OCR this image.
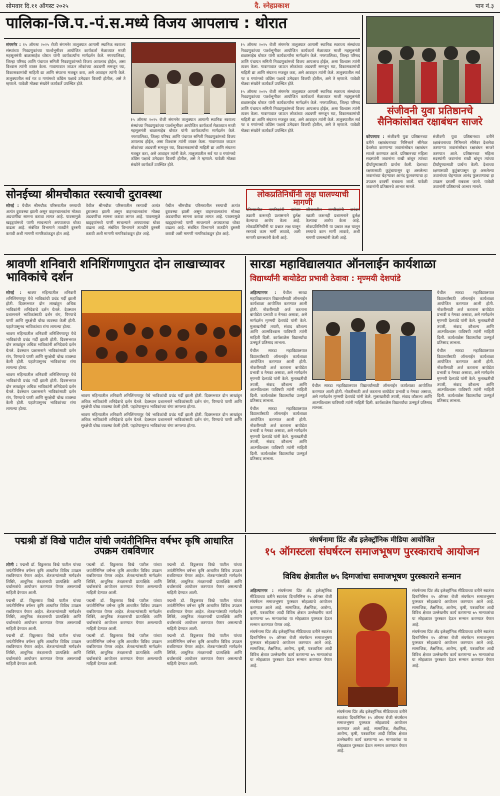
सोमवार दि.११ ऑगस्ट २०२५	दै. स्नेहप्रकाश	पान नं.३
पालिका-जि.प.-पं.स.मध्ये विजय आपलाच : थोरात

संगमनेर : १५ ऑगस्ट २०२५ रोजी संगमनेर तालुक्यात आगामी स्थानिक स्वराज्य संस्थांच्या निवडणुकांच्या पार्श्वभूमीवर आयोजित कार्यकर्ता मेळाव्यात माजी महसूलमंत्री बाळासाहेब थोरात यांनी कार्यकर्त्यांना मार्गदर्शन केले. नगरपालिका, जिल्हा परिषद आणि पंचायत समिती निवडणुकांमध्ये विजय आपलाच होईल, असा विश्वास त्यांनी व्यक्त केला. गावागावात जाऊन लोकांच्या अडचणी समजून घ्या, विकासकामांची माहिती द्या आणि संघटना मजबूत करा, असे आवाहन त्यांनी केले. तालुक्यातील सर्व गट व गणांमध्ये काँग्रेस पक्षाचे उमेदवार विजयी होतील, असे ते म्हणाले. यावेळी मोठ्या संख्येने कार्यकर्ते उपस्थित होते.

१५ ऑगस्ट २०२५ रोजी संगमनेर तालुक्यात आगामी स्थानिक स्वराज्य संस्थांच्या निवडणुकांच्या पार्श्वभूमीवर आयोजित कार्यकर्ता मेळाव्यात माजी महसूलमंत्री बाळासाहेब थोरात यांनी कार्यकर्त्यांना मार्गदर्शन केले. नगरपालिका, जिल्हा परिषद आणि पंचायत समिती निवडणुकांमध्ये विजय आपलाच होईल, असा विश्वास त्यांनी व्यक्त केला. गावागावात जाऊन लोकांच्या अडचणी समजून घ्या, विकासकामांची माहिती द्या आणि संघटना मजबूत करा, असे आवाहन त्यांनी केले. तालुक्यातील सर्व गट व गणांमध्ये काँग्रेस पक्षाचे उमेदवार विजयी होतील, असे ते म्हणाले. यावेळी मोठ्या संख्येने कार्यकर्ते उपस्थित होते.

१५ ऑगस्ट २०२५ रोजी संगमनेर तालुक्यात आगामी स्थानिक स्वराज्य संस्थांच्या निवडणुकांच्या पार्श्वभूमीवर आयोजित कार्यकर्ता मेळाव्यात माजी महसूलमंत्री बाळासाहेब थोरात यांनी कार्यकर्त्यांना मार्गदर्शन केले. नगरपालिका, जिल्हा परिषद आणि पंचायत समिती निवडणुकांमध्ये विजय आपलाच होईल, असा विश्वास त्यांनी व्यक्त केला. गावागावात जाऊन लोकांच्या अडचणी समजून घ्या, विकासकामांची माहिती द्या आणि संघटना मजबूत करा, असे आवाहन त्यांनी केले. तालुक्यातील सर्व गट व गणांमध्ये काँग्रेस पक्षाचे उमेदवार विजयी होतील, असे ते म्हणाले. यावेळी मोठ्या संख्येने कार्यकर्ते उपस्थित होते.

१५ ऑगस्ट २०२५ रोजी संगमनेर तालुक्यात आगामी स्थानिक स्वराज्य संस्थांच्या निवडणुकांच्या पार्श्वभूमीवर आयोजित कार्यकर्ता मेळाव्यात माजी महसूलमंत्री बाळासाहेब थोरात यांनी कार्यकर्त्यांना मार्गदर्शन केले. नगरपालिका, जिल्हा परिषद आणि पंचायत समिती निवडणुकांमध्ये विजय आपलाच होईल, असा विश्वास त्यांनी व्यक्त केला. गावागावात जाऊन लोकांच्या अडचणी समजून घ्या, विकासकामांची माहिती द्या आणि संघटना मजबूत करा, असे आवाहन त्यांनी केले. तालुक्यातील सर्व गट व गणांमध्ये काँग्रेस पक्षाचे उमेदवार विजयी होतील, असे ते म्हणाले. यावेळी मोठ्या संख्येने कार्यकर्ते उपस्थित होते.

संजीवनी युवा प्रतिष्ठानचे सैनिकांसोबत रक्षाबंधन साजरे

कोपरगाव : संजीवनी युवा प्रतिष्ठानच्या वतीने रक्षाबंधनाच्या निमित्ताने सीमेवर देशसेवा करणाऱ्या जवानांसोबत रक्षाबंधन साजरे करण्यात आले. प्रतिष्ठानच्या महिला सदस्यांनी जवानांना राखी बांधून त्यांच्या दीर्घायुष्यासाठी प्रार्थना केली. देशाच्या रक्षणासाठी कुटुंबापासून दूर असलेल्या जवानांच्या चेहऱ्यावर आनंद फुलवण्याचा हा उपक्रम दरवर्षी राबवला जातो. यावेळी जवानांनी प्रतिष्ठानचे आभार मानले.

संजीवनी युवा प्रतिष्ठानच्या वतीने रक्षाबंधनाच्या निमित्ताने सीमेवर देशसेवा करणाऱ्या जवानांसोबत रक्षाबंधन साजरे करण्यात आले. प्रतिष्ठानच्या महिला सदस्यांनी जवानांना राखी बांधून त्यांच्या दीर्घायुष्यासाठी प्रार्थना केली. देशाच्या रक्षणासाठी कुटुंबापासून दूर असलेल्या जवानांच्या चेहऱ्यावर आनंद फुलवण्याचा हा उपक्रम दरवर्षी राबवला जातो. यावेळी जवानांनी प्रतिष्ठानचे आभार मानले.

सोनईच्या श्रीमचौकात रस्त्याची दुरावस्था

सोनई : येथील श्रीमचौक परिसरातील रस्त्याची अत्यंत दुरावस्था झाली असून वाहनचालकांना मोठ्या अडचणींचा सामना करावा लागत आहे. पावसामुळे खड्ड्यांमध्ये पाणी साचल्याने अपघाताचा धोका वाढला आहे. संबंधित विभागाने तातडीने दुरुस्ती करावी अशी मागणी नागरिकांकडून होत आहे.

येथील श्रीमचौक परिसरातील रस्त्याची अत्यंत दुरावस्था झाली असून वाहनचालकांना मोठ्या अडचणींचा सामना करावा लागत आहे. पावसामुळे खड्ड्यांमध्ये पाणी साचल्याने अपघाताचा धोका वाढला आहे. संबंधित विभागाने तातडीने दुरुस्ती करावी अशी मागणी नागरिकांकडून होत आहे.

येथील श्रीमचौक परिसरातील रस्त्याची अत्यंत दुरावस्था झाली असून वाहनचालकांना मोठ्या अडचणींचा सामना करावा लागत आहे. पावसामुळे खड्ड्यांमध्ये पाणी साचल्याने अपघाताचा धोका वाढला आहे. संबंधित विभागाने तातडीने दुरुस्ती करावी अशी मागणी नागरिकांकडून होत आहे.

लोकप्रतिनिधींनी लक्ष घालण्याची मागणी

परिसरातील नागरिकांनी वारंवार तक्रारी करूनही प्रशासनाने दुर्लक्ष केल्याचा आरोप केला आहे. लोकप्रतिनिधींनी या प्रश्नात लक्ष घालून रस्त्याचे काम मार्गी लावावे, अशी मागणी ग्रामस्थांनी केली आहे.

परिसरातील नागरिकांनी वारंवार तक्रारी करूनही प्रशासनाने दुर्लक्ष केल्याचा आरोप केला आहे. लोकप्रतिनिधींनी या प्रश्नात लक्ष घालून रस्त्याचे काम मार्गी लावावे, अशी मागणी ग्रामस्थांनी केली आहे.

श्रावणी शनिवारी शनिशिंगणापुरात दोन लाखाच्यावर भाविकांचे दर्शन

सोनई : श्रावण महिन्यातील शनिवारी शनिशिंगणापूर येथे भाविकांची प्रचंड गर्दी झाली होती. दिवसभरात दोन लाखांहून अधिक भाविकांनी शनिदेवाचे दर्शन घेतले. देवस्थान प्रशासनाने भाविकांसाठी दर्शन रांग, पिण्याचे पाणी आणि सुरक्षेची चोख व्यवस्था केली होती. पहाटेपासूनच भाविकांच्या रांगा लागल्या होत्या.

श्रावण महिन्यातील शनिवारी शनिशिंगणापूर येथे भाविकांची प्रचंड गर्दी झाली होती. दिवसभरात दोन लाखांहून अधिक भाविकांनी शनिदेवाचे दर्शन घेतले. देवस्थान प्रशासनाने भाविकांसाठी दर्शन रांग, पिण्याचे पाणी आणि सुरक्षेची चोख व्यवस्था केली होती. पहाटेपासूनच भाविकांच्या रांगा लागल्या होत्या.

श्रावण महिन्यातील शनिवारी शनिशिंगणापूर येथे भाविकांची प्रचंड गर्दी झाली होती. दिवसभरात दोन लाखांहून अधिक भाविकांनी शनिदेवाचे दर्शन घेतले. देवस्थान प्रशासनाने भाविकांसाठी दर्शन रांग, पिण्याचे पाणी आणि सुरक्षेची चोख व्यवस्था केली होती. पहाटेपासूनच भाविकांच्या रांगा लागल्या होत्या.

श्रावण महिन्यातील शनिवारी शनिशिंगणापूर येथे भाविकांची प्रचंड गर्दी झाली होती. दिवसभरात दोन लाखांहून अधिक भाविकांनी शनिदेवाचे दर्शन घेतले. देवस्थान प्रशासनाने भाविकांसाठी दर्शन रांग, पिण्याचे पाणी आणि सुरक्षेची चोख व्यवस्था केली होती. पहाटेपासूनच भाविकांच्या रांगा लागल्या होत्या.

श्रावण महिन्यातील शनिवारी शनिशिंगणापूर येथे भाविकांची प्रचंड गर्दी झाली होती. दिवसभरात दोन लाखांहून अधिक भाविकांनी शनिदेवाचे दर्शन घेतले. देवस्थान प्रशासनाने भाविकांसाठी दर्शन रांग, पिण्याचे पाणी आणि सुरक्षेची चोख व्यवस्था केली होती. पहाटेपासूनच भाविकांच्या रांगा लागल्या होत्या.

सारडा महाविद्यालयात ऑनलाईन कार्यशाळा
विद्यार्थ्यांनी बायोडेटा प्रभावी ठेवावा : मृण्मयी देशपांडे

अहिल्यानगर : येथील सारडा महाविद्यालयात विद्यार्थ्यांसाठी ऑनलाईन कार्यशाळा आयोजित करण्यात आली होती. नोकरीसाठी अर्ज करताना बायोडेटा प्रभावी व नेमका असावा, असे मार्गदर्शन मृण्मयी देशपांडे यांनी केले. मुलाखतीची तयारी, संवाद कौशल्य आणि आत्मविश्वास याविषयी त्यांनी माहिती दिली. कार्यशाळेस विद्यार्थ्यांचा उत्स्फूर्त प्रतिसाद लाभला.

येथील सारडा महाविद्यालयात विद्यार्थ्यांसाठी ऑनलाईन कार्यशाळा आयोजित करण्यात आली होती. नोकरीसाठी अर्ज करताना बायोडेटा प्रभावी व नेमका असावा, असे मार्गदर्शन मृण्मयी देशपांडे यांनी केले. मुलाखतीची तयारी, संवाद कौशल्य आणि आत्मविश्वास याविषयी त्यांनी माहिती दिली. कार्यशाळेस विद्यार्थ्यांचा उत्स्फूर्त प्रतिसाद लाभला.

येथील सारडा महाविद्यालयात विद्यार्थ्यांसाठी ऑनलाईन कार्यशाळा आयोजित करण्यात आली होती. नोकरीसाठी अर्ज करताना बायोडेटा प्रभावी व नेमका असावा, असे मार्गदर्शन मृण्मयी देशपांडे यांनी केले. मुलाखतीची तयारी, संवाद कौशल्य आणि आत्मविश्वास याविषयी त्यांनी माहिती दिली. कार्यशाळेस विद्यार्थ्यांचा उत्स्फूर्त प्रतिसाद लाभला.

येथील सारडा महाविद्यालयात विद्यार्थ्यांसाठी ऑनलाईन कार्यशाळा आयोजित करण्यात आली होती. नोकरीसाठी अर्ज करताना बायोडेटा प्रभावी व नेमका असावा, असे मार्गदर्शन मृण्मयी देशपांडे यांनी केले. मुलाखतीची तयारी, संवाद कौशल्य आणि आत्मविश्वास याविषयी त्यांनी माहिती दिली. कार्यशाळेस विद्यार्थ्यांचा उत्स्फूर्त प्रतिसाद लाभला.

येथील सारडा महाविद्यालयात विद्यार्थ्यांसाठी ऑनलाईन कार्यशाळा आयोजित करण्यात आली होती. नोकरीसाठी अर्ज करताना बायोडेटा प्रभावी व नेमका असावा, असे मार्गदर्शन मृण्मयी देशपांडे यांनी केले. मुलाखतीची तयारी, संवाद कौशल्य आणि आत्मविश्वास याविषयी त्यांनी माहिती दिली. कार्यशाळेस विद्यार्थ्यांचा उत्स्फूर्त प्रतिसाद लाभला.

येथील सारडा महाविद्यालयात विद्यार्थ्यांसाठी ऑनलाईन कार्यशाळा आयोजित करण्यात आली होती. नोकरीसाठी अर्ज करताना बायोडेटा प्रभावी व नेमका असावा, असे मार्गदर्शन मृण्मयी देशपांडे यांनी केले. मुलाखतीची तयारी, संवाद कौशल्य आणि आत्मविश्वास याविषयी त्यांनी माहिती दिली. कार्यशाळेस विद्यार्थ्यांचा उत्स्फूर्त प्रतिसाद लाभला.

पद्मश्री डॉ विखे पाटील यांची जयंतीनिमित्त वर्षभर कृषि आधारित उपक्रम राबविणार

लोणी : पद्मश्री डॉ. विठ्ठलराव विखे पाटील यांच्या जयंतीनिमित्त वर्षभर कृषि आधारित विविध उपक्रम राबविण्यात येणार आहेत. शेतकऱ्यांसाठी मार्गदर्शन शिबिरे, आधुनिक तंत्रज्ञानाची प्रात्यक्षिके आणि चर्चासत्रांचे आयोजन करण्यात येणार असल्याची माहिती देण्यात आली.

पद्मश्री डॉ. विठ्ठलराव विखे पाटील यांच्या जयंतीनिमित्त वर्षभर कृषि आधारित विविध उपक्रम राबविण्यात येणार आहेत. शेतकऱ्यांसाठी मार्गदर्शन शिबिरे, आधुनिक तंत्रज्ञानाची प्रात्यक्षिके आणि चर्चासत्रांचे आयोजन करण्यात येणार असल्याची माहिती देण्यात आली.

पद्मश्री डॉ. विठ्ठलराव विखे पाटील यांच्या जयंतीनिमित्त वर्षभर कृषि आधारित विविध उपक्रम राबविण्यात येणार आहेत. शेतकऱ्यांसाठी मार्गदर्शन शिबिरे, आधुनिक तंत्रज्ञानाची प्रात्यक्षिके आणि चर्चासत्रांचे आयोजन करण्यात येणार असल्याची माहिती देण्यात आली.

पद्मश्री डॉ. विठ्ठलराव विखे पाटील यांच्या जयंतीनिमित्त वर्षभर कृषि आधारित विविध उपक्रम राबविण्यात येणार आहेत. शेतकऱ्यांसाठी मार्गदर्शन शिबिरे, आधुनिक तंत्रज्ञानाची प्रात्यक्षिके आणि चर्चासत्रांचे आयोजन करण्यात येणार असल्याची माहिती देण्यात आली.

पद्मश्री डॉ. विठ्ठलराव विखे पाटील यांच्या जयंतीनिमित्त वर्षभर कृषि आधारित विविध उपक्रम राबविण्यात येणार आहेत. शेतकऱ्यांसाठी मार्गदर्शन शिबिरे, आधुनिक तंत्रज्ञानाची प्रात्यक्षिके आणि चर्चासत्रांचे आयोजन करण्यात येणार असल्याची माहिती देण्यात आली.

पद्मश्री डॉ. विठ्ठलराव विखे पाटील यांच्या जयंतीनिमित्त वर्षभर कृषि आधारित विविध उपक्रम राबविण्यात येणार आहेत. शेतकऱ्यांसाठी मार्गदर्शन शिबिरे, आधुनिक तंत्रज्ञानाची प्रात्यक्षिके आणि चर्चासत्रांचे आयोजन करण्यात येणार असल्याची माहिती देण्यात आली.

पद्मश्री डॉ. विठ्ठलराव विखे पाटील यांच्या जयंतीनिमित्त वर्षभर कृषि आधारित विविध उपक्रम राबविण्यात येणार आहेत. शेतकऱ्यांसाठी मार्गदर्शन शिबिरे, आधुनिक तंत्रज्ञानाची प्रात्यक्षिके आणि चर्चासत्रांचे आयोजन करण्यात येणार असल्याची माहिती देण्यात आली.

पद्मश्री डॉ. विठ्ठलराव विखे पाटील यांच्या जयंतीनिमित्त वर्षभर कृषि आधारित विविध उपक्रम राबविण्यात येणार आहेत. शेतकऱ्यांसाठी मार्गदर्शन शिबिरे, आधुनिक तंत्रज्ञानाची प्रात्यक्षिके आणि चर्चासत्रांचे आयोजन करण्यात येणार असल्याची माहिती देण्यात आली.

पद्मश्री डॉ. विठ्ठलराव विखे पाटील यांच्या जयंतीनिमित्त वर्षभर कृषि आधारित विविध उपक्रम राबविण्यात येणार आहेत. शेतकऱ्यांसाठी मार्गदर्शन शिबिरे, आधुनिक तंत्रज्ञानाची प्रात्यक्षिके आणि चर्चासत्रांचे आयोजन करण्यात येणार असल्याची माहिती देण्यात आली.

संघर्षनामा प्रिंट अँड इलेक्ट्रॉनिक मीडिया आयोजित
१५ ऑगस्टला संघर्षरत्न समाजभूषण पुरस्काराचे आयोजन
विविध क्षेत्रातील ७५ दिग्गजांचा समाजभूषण पुरस्काराने सन्मान

अहिल्यानगर : संघर्षनामा प्रिंट अँड इलेक्ट्रॉनिक मीडियाच्या वतीने स्वातंत्र्य दिनानिमित्त १५ ऑगस्ट रोजी संघर्षरत्न समाजभूषण पुरस्कार सोहळ्याचे आयोजन करण्यात आले आहे. सामाजिक, शैक्षणिक, आरोग्य, कृषी, पत्रकारिता आदी विविध क्षेत्रात उल्लेखनीय कार्य करणाऱ्या ७५ मान्यवरांचा या सोहळ्यात पुरस्कार देऊन सन्मान करण्यात येणार आहे.

संघर्षनामा प्रिंट अँड इलेक्ट्रॉनिक मीडियाच्या वतीने स्वातंत्र्य दिनानिमित्त १५ ऑगस्ट रोजी संघर्षरत्न समाजभूषण पुरस्कार सोहळ्याचे आयोजन करण्यात आले आहे. सामाजिक, शैक्षणिक, आरोग्य, कृषी, पत्रकारिता आदी विविध क्षेत्रात उल्लेखनीय कार्य करणाऱ्या ७५ मान्यवरांचा या सोहळ्यात पुरस्कार देऊन सन्मान करण्यात येणार आहे.

संघर्षनामा प्रिंट अँड इलेक्ट्रॉनिक मीडियाच्या वतीने स्वातंत्र्य दिनानिमित्त १५ ऑगस्ट रोजी संघर्षरत्न समाजभूषण पुरस्कार सोहळ्याचे आयोजन करण्यात आले आहे. सामाजिक, शैक्षणिक, आरोग्य, कृषी, पत्रकारिता आदी विविध क्षेत्रात उल्लेखनीय कार्य करणाऱ्या ७५ मान्यवरांचा या सोहळ्यात पुरस्कार देऊन सन्मान करण्यात येणार आहे.

संघर्षनामा प्रिंट अँड इलेक्ट्रॉनिक मीडियाच्या वतीने स्वातंत्र्य दिनानिमित्त १५ ऑगस्ट रोजी संघर्षरत्न समाजभूषण पुरस्कार सोहळ्याचे आयोजन करण्यात आले आहे. सामाजिक, शैक्षणिक, आरोग्य, कृषी, पत्रकारिता आदी विविध क्षेत्रात उल्लेखनीय कार्य करणाऱ्या ७५ मान्यवरांचा या सोहळ्यात पुरस्कार देऊन सन्मान करण्यात येणार आहे.

संघर्षनामा प्रिंट अँड इलेक्ट्रॉनिक मीडियाच्या वतीने स्वातंत्र्य दिनानिमित्त १५ ऑगस्ट रोजी संघर्षरत्न समाजभूषण पुरस्कार सोहळ्याचे आयोजन करण्यात आले आहे. सामाजिक, शैक्षणिक, आरोग्य, कृषी, पत्रकारिता आदी विविध क्षेत्रात उल्लेखनीय कार्य करणाऱ्या ७५ मान्यवरांचा या सोहळ्यात पुरस्कार देऊन सन्मान करण्यात येणार आहे.
